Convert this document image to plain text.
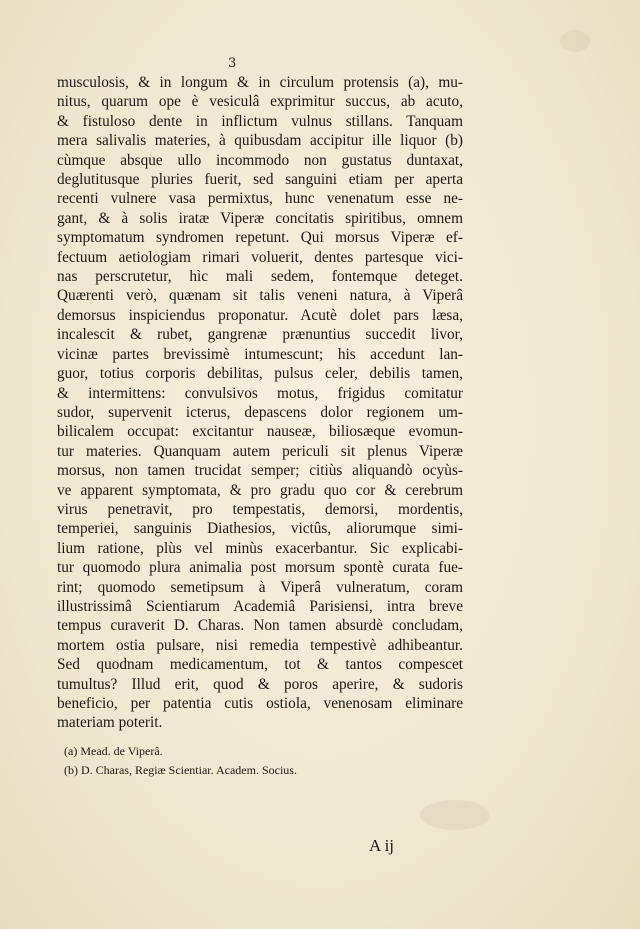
3
musculosis, & in longum & in circulum protensis (a), mu-
nitus, quarum ope è vesiculâ exprimitur succus, ab acuto,
& fistuloso dente in inflictum vulnus stillans. Tanquam
mera salivalis materies, à quibusdam accipitur ille liquor (b)
cùmque absque ullo incommodo non gustatus duntaxat,
deglutitusque pluries fuerit, sed sanguini etiam per aperta
recenti vulnere vasa permixtus, hunc venenatum esse ne-
gant, & à solis iratæ Viperæ concitatis spiritibus, omnem
symptomatum syndromen repetunt. Qui morsus Viperæ ef-
fectuum aetiologiam rimari voluerit, dentes partesque vici-
nas perscrutetur, hìc mali sedem, fontemque deteget.
Quærenti verò, quænam sit talis veneni natura, à Viperâ
demorsus inspiciendus proponatur. Acutè dolet pars læsa,
incalescit & rubet, gangrenæ prænuntius succedit livor,
vicinæ partes brevissimè intumescunt; his accedunt lan-
guor, totius corporis debilitas, pulsus celer, debilis tamen,
& intermittens: convulsivos motus, frigidus comitatur
sudor, supervenit icterus, depascens dolor regionem um-
bilicalem occupat: excitantur nauseæ, biliosæque evomun-
tur materies. Quanquam autem periculi sit plenus Viperæ
morsus, non tamen trucidat semper; citiùs aliquandò ocyùs-
ve apparent symptomata, & pro gradu quo cor & cerebrum
virus penetravit, pro tempestatis, demorsi, mordentis,
temperiei, sanguinis Diathesios, victûs, aliorumque simi-
lium ratione, plùs vel minùs exacerbantur. Sic explicabi-
tur quomodo plura animalia post morsum spontè curata fue-
rint; quomodo semetipsum à Viperâ vulneratum, coram
illustrissimâ Scientiarum Academiâ Parisiensi, intra breve
tempus curaverit D. Charas. Non tamen absurdè concludam,
mortem ostia pulsare, nisi remedia tempestivè adhibeantur.
Sed quodnam medicamentum, tot & tantos compescet
tumultus? Illud erit, quod & poros aperire, & sudoris
beneficio, per patentia cutis ostiola, venenosam eliminare
materiam poterit.
(a) Mead. de Viperâ.
(b) D. Charas, Regiæ Scientiar. Academ. Socius.
A ij
